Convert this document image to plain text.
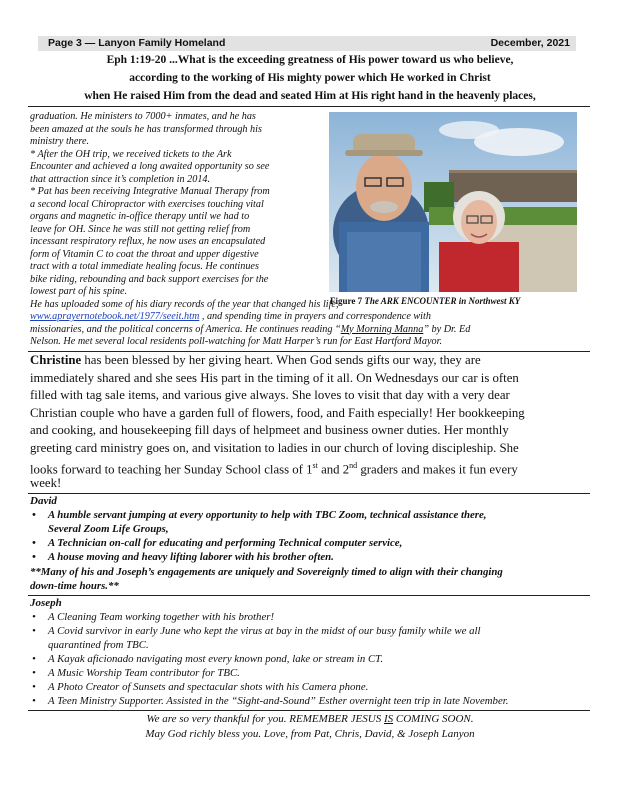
Page 3 — Lanyon Family Homeland	December, 2021
Eph 1:19-20 ...What is the exceeding greatness of His power toward us who believe,
according to the working of His mighty power which He worked in Christ
when He raised Him from the dead and seated Him at His right hand in the heavenly places,
graduation. He ministers to 7000+ inmates, and he has
been amazed at the souls he has transformed through his
ministry there.
* After the OH trip, we received tickets to the Ark
Encounter and achieved a long awaited opportunity so see
that attraction since it’s completion in 2014.
* Pat has been receiving Integrative Manual Therapy from
a second local Chiropractor with exercises touching vital
organs and magnetic in-office therapy until we had to
leave for OH. Since he was still not getting relief from
incessant respiratory reflux, he now uses an encapsulated
form of Vitamin C to coat the throat and upper digestive
tract with a total immediate healing focus. He continues
bike riding, rebounding and back support exercises for the
lowest part of his spine.
He has uploaded some of his diary records of the year that changed his life,
www.aprayernotebook.net/1977/seeit.htm , and spending time in prayers and correspondence with
missionaries, and the political concerns of America. He continues reading “My Morning Manna” by Dr. Ed
Nelson. He met several local residents poll-watching for Matt Harper’s run for East Hartford Mayor.
Figure 7 The ARK ENCOUNTER in Northwest KY
Christine has been blessed by her giving heart. When God sends gifts our way, they are
immediately shared and she sees His part in the timing of it all. On Wednesdays our car is often
filled with tag sale items, and various give always. She loves to visit that day with a very dear
Christian couple who have a garden full of flowers, food, and Faith especially! Her bookkeeping
and cooking, and housekeeping fill days of helpmeet and business owner duties. Her monthly
greeting card ministry goes on, and visitation to ladies in our church of loving discipleship. She
looks forward to teaching her Sunday School class of 1st and 2nd graders and makes it fun every
week!
David
• A humble servant jumping at every opportunity to help with TBC Zoom, technical assistance there,
Several Zoom Life Groups,
• A Technician on-call for educating and performing Technical computer service,
• A house moving and heavy lifting laborer with his brother often.
**Many of his and Joseph’s engagements are uniquely and Sovereignly timed to align with their changing
down-time hours.**
Joseph
• A Cleaning Team working together with his brother!
• A Covid survivor in early June who kept the virus at bay in the midst of our busy family while we all
quarantined from TBC.
• A Kayak aficionado navigating most every known pond, lake or stream in CT.
• A Music Worship Team contributor for TBC.
• A Photo Creator of Sunsets and spectacular shots with his Camera phone.
• A Teen Ministry Supporter. Assisted in the “Sight-and-Sound” Esther overnight teen trip in late November.
We are so very thankful for you. REMEMBER JESUS IS COMING SOON.
May God richly bless you. Love, from Pat, Chris, David, & Joseph Lanyon
